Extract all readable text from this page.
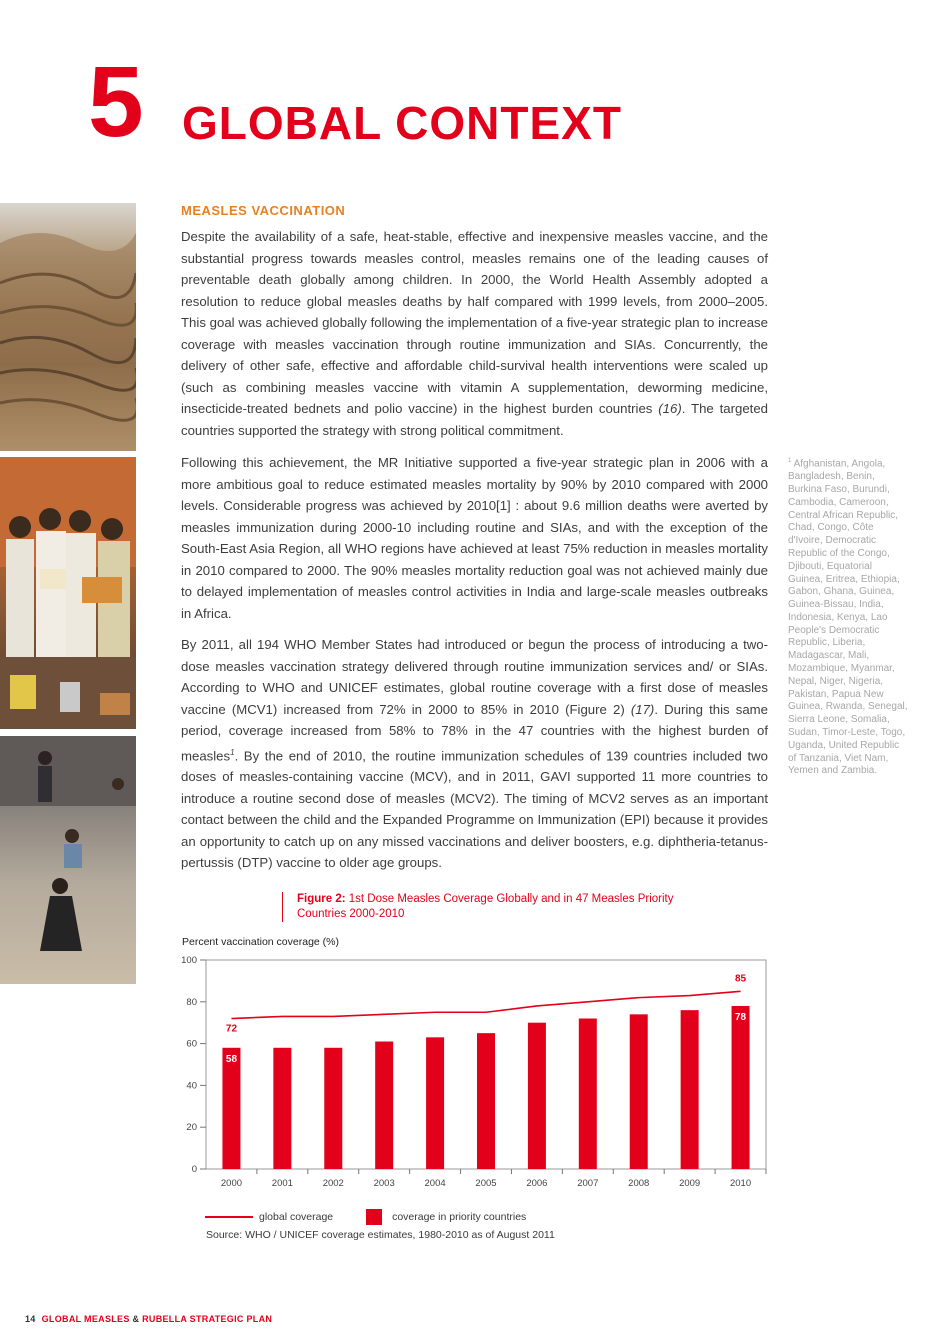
5 GLOBAL CONTEXT
MEASLES VACCINATION
Despite the availability of a safe, heat-stable, effective and inexpensive measles vaccine, and the substantial progress towards measles control, measles remains one of the leading causes of preventable death globally among children. In 2000, the World Health Assembly adopted a resolution to reduce global measles deaths by half compared with 1999 levels, from 2000–2005. This goal was achieved globally following the implementation of a five-year strategic plan to increase coverage with measles vaccination through routine immunization and SIAs. Concurrently, the delivery of other safe, effective and affordable child-survival health interventions were scaled up (such as combining measles vaccine with vitamin A supplementation, deworming medicine, insecticide-treated bednets and polio vaccine) in the highest burden countries (16). The targeted countries supported the strategy with strong political commitment.
Following this achievement, the MR Initiative supported a five-year strategic plan in 2006 with a more ambitious goal to reduce estimated measles mortality by 90% by 2010 compared with 2000 levels. Considerable progress was achieved by 2010[1] : about 9.6 million deaths were averted by measles immunization during 2000-10 including routine and SIAs, and with the exception of the South-East Asia Region, all WHO regions have achieved at least 75% reduction in measles mortality in 2010 compared to 2000. The 90% measles mortality reduction goal was not achieved mainly due to delayed implementation of measles control activities in India and large-scale measles outbreaks in Africa.
By 2011, all 194 WHO Member States had introduced or begun the process of introducing a two-dose measles vaccination strategy delivered through routine immunization services and/ or SIAs. According to WHO and UNICEF estimates, global routine coverage with a first dose of measles vaccine (MCV1) increased from 72% in 2000 to 85% in 2010 (Figure 2) (17). During this same period, coverage increased from 58% to 78% in the 47 countries with the highest burden of measles$^1$. By the end of 2010, the routine immunization schedules of 139 countries included two doses of measles-containing vaccine (MCV), and in 2011, GAVI supported 11 more countries to introduce a routine second dose of measles (MCV2). The timing of MCV2 serves as an important contact between the child and the Expanded Programme on Immunization (EPI) because it provides an opportunity to catch up on any missed vaccinations and deliver boosters, e.g. diphtheria-tetanus-pertussis (DTP) vaccine to older age groups.
$^1$ Afghanistan, Angola, Bangladesh, Benin, Burkina Faso, Burundi, Cambodia, Cameroon, Central African Republic, Chad, Congo, Côte d'Ivoire, Democratic Republic of the Congo, Djibouti, Equatorial Guinea, Eritrea, Ethiopia, Gabon, Ghana, Guinea, Guinea-Bissau, India, Indonesia, Kenya, Lao People's Democratic Republic, Liberia, Madagascar, Mali, Mozambique, Myanmar, Nepal, Niger, Nigeria, Pakistan, Papua New Guinea, Rwanda, Senegal, Sierra Leone, Somalia, Sudan, Timor-Leste, Togo, Uganda, United Republic of Tanzania, Viet Nam, Yemen and Zambia.
Figure 2: 1st Dose Measles Coverage Globally and in 47 Measles Priority Countries 2000-2010
Percent vaccination coverage (%)
58
78
72
85
0
20
40
60
80
100
2000	2001	2002	2003	2004	2005	2006	2007	2008	2009	2010
global coverage	coverage in priority countries
Source: WHO / UNICEF coverage estimates, 1980-2010 as of August 2011
14 GLOBAL MEASLES & RUBELLA STRATEGIC PLAN
